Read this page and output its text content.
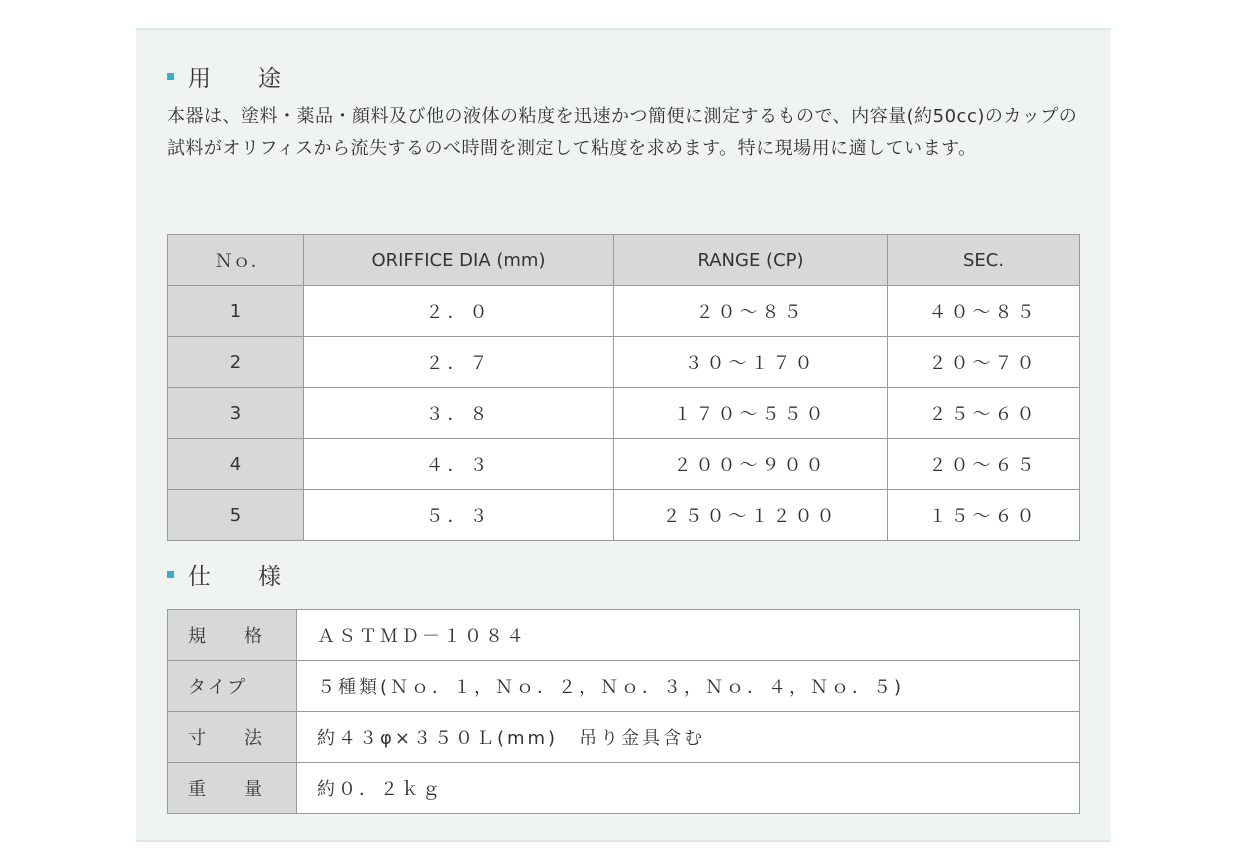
用　途
本器は、塗料・薬品・顔料及び他の液体の粘度を迅速かつ簡便に測定するもので、内容量(約50cc)のカップの試料がオリフィスから流失するのべ時間を測定して粘度を求めます。特に現場用に適しています。
Ｎｏ.	ORIFFICE DIA (mm)	RANGE (CP)	SEC.
1	２．０	２０～８５	４０～８５
2	２．７	３０～１７０	２０～７０
3	３．８	１７０～５５０	２５～６０
4	４．３	２００～９００	２０～６５
5	５．３	２５０～１２００	１５～６０
仕　様
規　格	ＡＳＴＭＤ－１０８４
タイプ	５種類(Ｎｏ．１，Ｎｏ．２，Ｎｏ．３，Ｎｏ．４，Ｎｏ．５)
寸　法	約４３φ×３５０Ｌ(mm)　吊り金具含む
重　量	約０．２ｋｇ
